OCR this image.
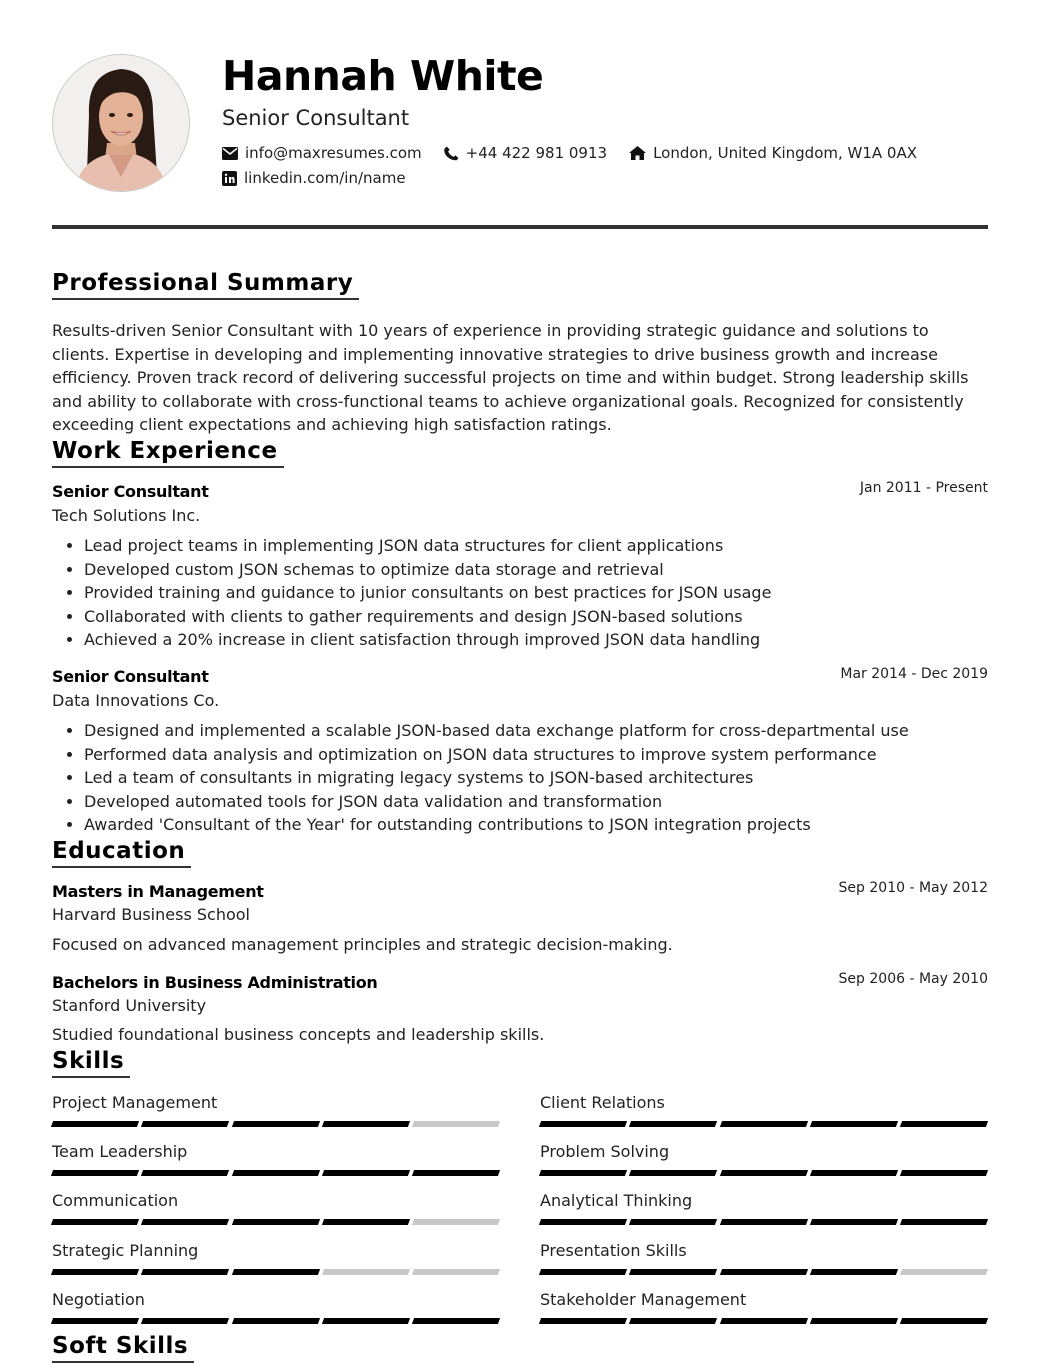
Hannah White
Senior Consultant
info@maxresumes.com	+44 422 981 0913	London, United Kingdom, W1A 0AX
linkedin.com/in/name
Professional Summary

Results-driven Senior Consultant with 10 years of experience in providing strategic guidance and solutions to clients. Expertise in developing and implementing innovative strategies to drive business growth and increase efficiency. Proven track record of delivering successful projects on time and within budget. Strong leadership skills and ability to collaborate with cross-functional teams to achieve organizational goals. Recognized for consistently exceeding client expectations and achieving high satisfaction ratings.

Work Experience
Senior Consultant	Jan 2011 - Present
Tech Solutions Inc.
• Lead project teams in implementing JSON data structures for client applications
• Developed custom JSON schemas to optimize data storage and retrieval
• Provided training and guidance to junior consultants on best practices for JSON usage
• Collaborated with clients to gather requirements and design JSON-based solutions
• Achieved a 20% increase in client satisfaction through improved JSON data handling
Senior Consultant	Mar 2014 - Dec 2019
Data Innovations Co.
• Designed and implemented a scalable JSON-based data exchange platform for cross-departmental use
• Performed data analysis and optimization on JSON data structures to improve system performance
• Led a team of consultants in migrating legacy systems to JSON-based architectures
• Developed automated tools for JSON data validation and transformation
• Awarded 'Consultant of the Year' for outstanding contributions to JSON integration projects
Education
Masters in Management	Sep 2010 - May 2012
Harvard Business School
Focused on advanced management principles and strategic decision-making.
Bachelors in Business Administration	Sep 2006 - May 2010
Stanford University
Studied foundational business concepts and leadership skills.
Skills
Project Management	Client Relations
Team Leadership	Problem Solving
Communication	Analytical Thinking
Strategic Planning	Presentation Skills
Negotiation	Stakeholder Management
Soft Skills
